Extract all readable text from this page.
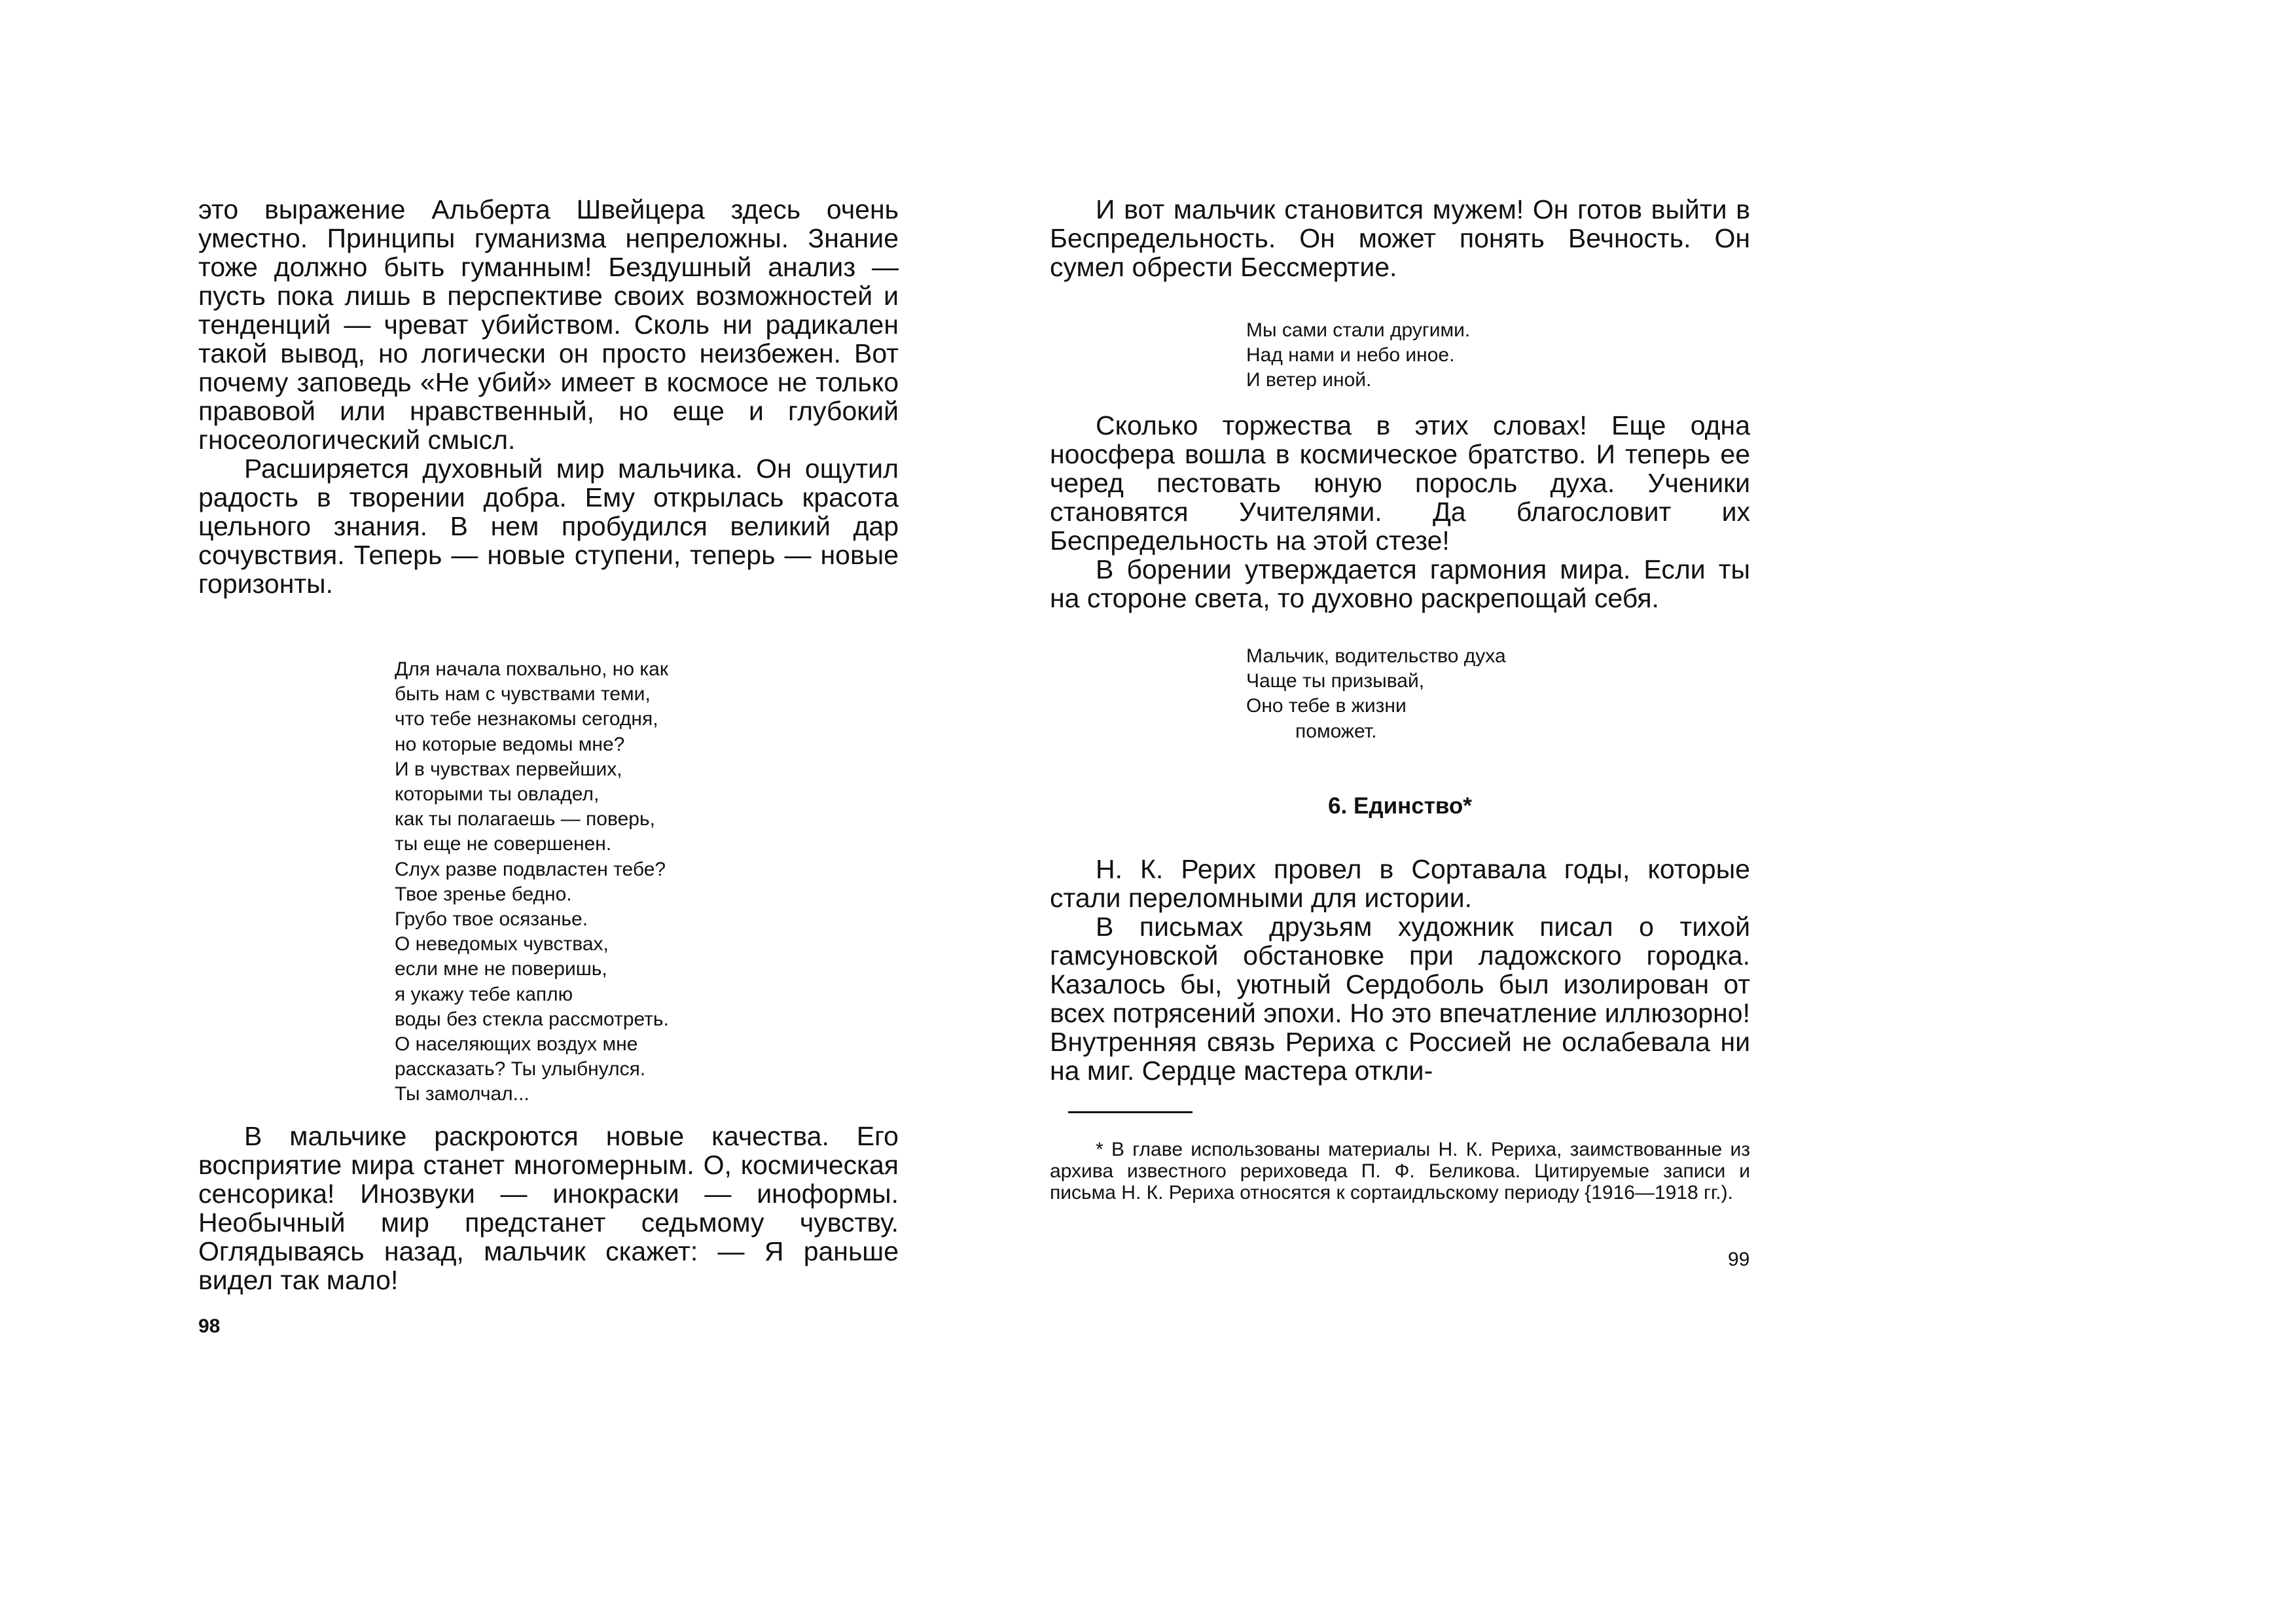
это выражение Альберта Швейцера здесь очень уместно. Принципы гуманизма непреложны. Знание тоже должно быть гуманным! Бездушный анализ — пусть пока лишь в перспективе своих возможностей и тенденций — чреват убийством. Сколь ни радикален такой вывод, но логически он просто неизбежен. Вот почему заповедь «Не убий» имеет в космосе не только правовой или нравственный, но еще и глубокий гносеологический смысл.

Расширяется духовный мир мальчика. Он ощутил радость в творении добра. Ему открылась красота цельного знания. В нем пробудился великий дар сочувствия. Теперь — новые ступени, теперь — новые горизонты.

Для начала похвально, но как
быть нам с чувствами теми,
что тебе незнакомы сегодня,
но которые ведомы мне?
И в чувствах первейших,
которыми ты овладел,
как ты полагаешь — поверь,
ты еще не совершенен.
Слух разве подвластен тебе?
Твое зренье бедно.
Грубо твое осязанье.
О неведомых чувствах,
если мне не поверишь,
я укажу тебе каплю
воды без стекла рассмотреть.
О населяющих воздух мне
рассказать? Ты улыбнулся.
Ты замолчал...

В мальчике раскроются новые качества. Его восприятие мира станет многомерным. О, космическая сенсорика! Инозвуки — инокраски — иноформы. Необычный мир предстанет седьмому чувству. Оглядываясь назад, мальчик скажет: — Я раньше видел так мало!

98

И вот мальчик становится мужем! Он готов выйти в Беспредельность. Он может понять Вечность. Он сумел обрести Бессмертие.

Мы сами стали другими.
Над нами и небо иное.
И ветер иной.

Сколько торжества в этих словах! Еще одна ноосфера вошла в космическое братство. И теперь ее черед пестовать юную поросль духа. Ученики становятся Учителями. Да благословит их Беспредельность на этой стезе!

В борении утверждается гармония мира. Если ты на стороне света, то духовно раскрепощай себя.

Мальчик, водительство духа
Чаще ты призывай,
Оно тебе в жизни
поможет.
6. Единство*

Н. К. Рерих провел в Сортавала годы, которые стали переломными для истории.

В письмах друзьям художник писал о тихой гамсуновской обстановке при ладожского городка. Казалось бы, уютный Сердоболь был изолирован от всех потрясений эпохи. Но это впечатление иллюзорно! Внутренняя связь Рериха с Россией не ослабевала ни на миг. Сердце мастера откли-

* В главе использованы материалы Н. К. Рериха, заимствованные из архива известного рериховеда П. Ф. Беликова. Цитируемые записи и письма Н. К. Рериха относятся к сортаидльскому периоду {1916—1918 гг.).

99
